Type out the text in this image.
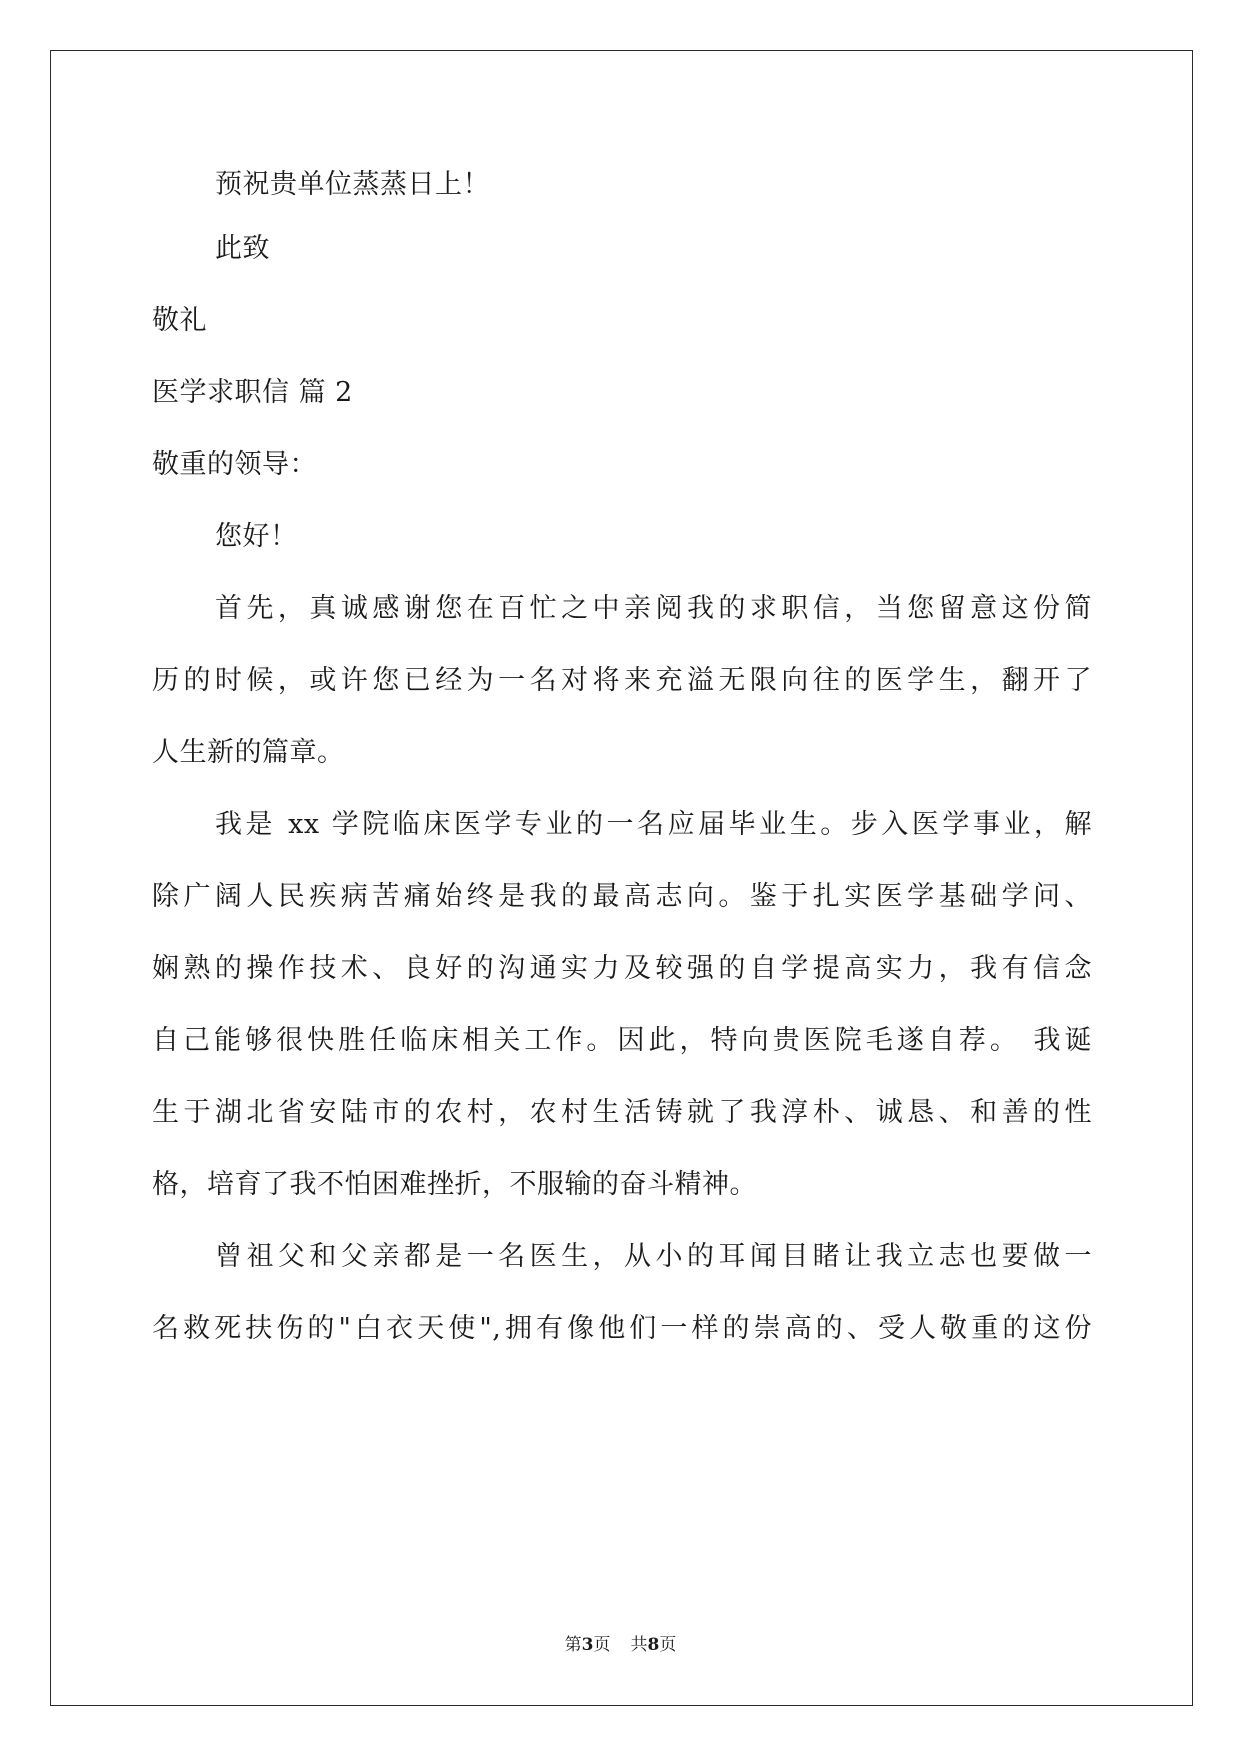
预祝贵单位蒸蒸日上！
此致
敬礼
医学求职信 篇 2
敬重的领导：
您好！
首先，真诚感谢您在百忙之中亲阅我的求职信，当您留意这份简
历的时候，或许您已经为一名对将来充溢无限向往的医学生，翻开了
人生新的篇章。
我是 xx 学院临床医学专业的一名应届毕业生。步入医学事业，解
除广阔人民疾病苦痛始终是我的最高志向。鉴于扎实医学基础学问、
娴熟的操作技术、良好的沟通实力及较强的自学提高实力，我有信念
自己能够很快胜任临床相关工作。因此，特向贵医院毛遂自荐。 我诞
生于湖北省安陆市的农村，农村生活铸就了我淳朴、诚恳、和善的性
格，培育了我不怕困难挫折，不服输的奋斗精神。
曾祖父和父亲都是一名医生，从小的耳闻目睹让我立志也要做一
名救死扶伤的"白衣天使",拥有像他们一样的崇高的、受人敬重的这份
第3页 共8页
